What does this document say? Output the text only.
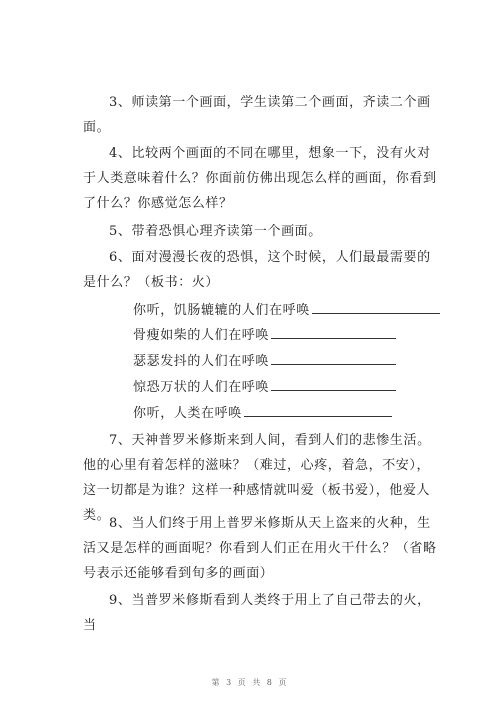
3、师读第一个画面，学生读第二个画面，齐读二个画面。

4、比较两个画面的不同在哪里，想象一下，没有火对于人类意味着什么？你面前仿佛出现怎么样的画面，你看到了什么？你感觉怎么样？

5、带着恐惧心理齐读第一个画面。

6、面对漫漫长夜的恐惧，这个时候，人们最最需要的是什么？（板书：火）

你听，饥肠辘辘的人们在呼唤
骨瘦如柴的人们在呼唤
瑟瑟发抖的人们在呼唤
惊恐万状的人们在呼唤
你听，人类在呼唤

7、天神普罗米修斯来到人间，看到人们的悲惨生活。他的心里有着怎样的滋味？（难过，心疼，着急，不安），这一切都是为谁？这样一种感情就叫爱（板书爱），他爱人类。

8、当人们终于用上普罗米修斯从天上盗来的火种，生活又是怎样的画面呢？你看到人们正在用火干什么？（省略号表示还能够看到旬多的画面）

9、当普罗米修斯看到人类终于用上了自己带去的火，当

第 3 页 共 8 页
